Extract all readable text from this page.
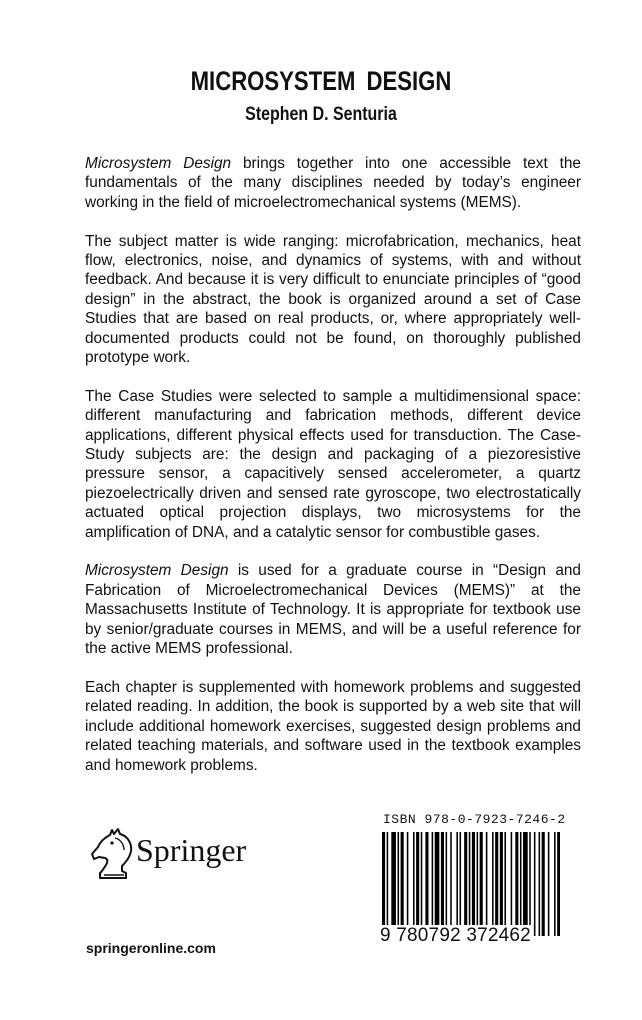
MICROSYSTEM DESIGN
Stephen D. Senturia

Microsystem Design brings together into one accessible text the fundamentals of the many disciplines needed by today’s engineer working in the field of microelectromechanical systems (MEMS).

The subject matter is wide ranging: microfabrication, mechanics, heat flow, electronics, noise, and dynamics of systems, with and without feedback. And because it is very difficult to enunciate principles of “good design” in the abstract, the book is organized around a set of Case Studies that are based on real products, or, where appropriately well-documented products could not be found, on thoroughly published prototype work.

The Case Studies were selected to sample a multidimensional space: different manufacturing and fabrication methods, different device applications, different physical effects used for transduction. The Case-Study subjects are: the design and packaging of a piezoresistive pressure sensor, a capacitively sensed accelerometer, a quartz piezoelectrically driven and sensed rate gyroscope, two electrostatically actuated optical projection displays, two microsystems for the amplification of DNA, and a catalytic sensor for combustible gases.

Microsystem Design is used for a graduate course in “Design and Fabrication of Microelectromechanical Devices (MEMS)” at the Massachusetts Institute of Technology. It is appropriate for textbook use by senior/graduate courses in MEMS, and will be a useful reference for the active MEMS professional.

Each chapter is supplemented with homework problems and suggested related reading. In addition, the book is supported by a web site that will include additional homework exercises, suggested design problems and related teaching materials, and software used in the textbook examples and homework problems.

ISBN 978-0-7923-7246-2
9 780792 372462
Springer
springeronline.com
